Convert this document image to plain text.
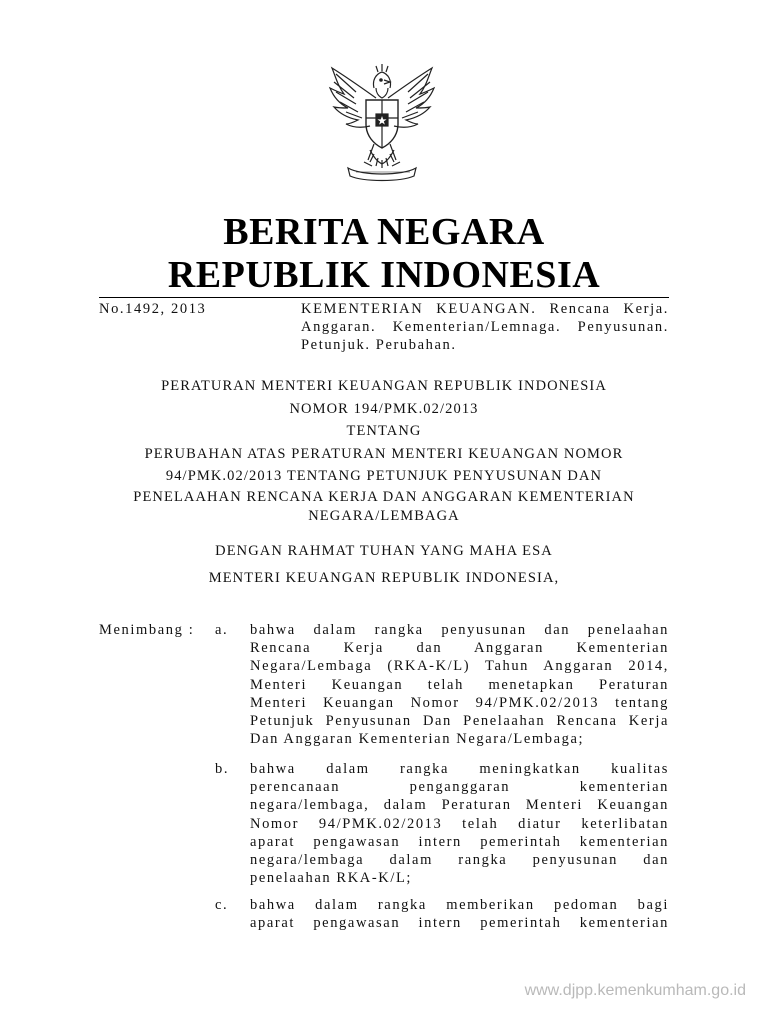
BERITA NEGARA
REPUBLIK INDONESIA
No.1492, 2013	KEMENTERIAN KEUANGAN. Rencana Kerja.
Anggaran. Kementerian/Lemnaga. Penyusunan.
Petunjuk. Perubahan.
PERATURAN MENTERI KEUANGAN REPUBLIK INDONESIA
NOMOR 194/PMK.02/2013
TENTANG
PERUBAHAN ATAS PERATURAN MENTERI KEUANGAN NOMOR
94/PMK.02/2013 TENTANG PETUNJUK PENYUSUNAN DAN
PENELAAHAN RENCANA KERJA DAN ANGGARAN KEMENTERIAN
NEGARA/LEMBAGA
DENGAN RAHMAT TUHAN YANG MAHA ESA
MENTERI KEUANGAN REPUBLIK INDONESIA,
Menimbang : a. bahwa dalam rangka penyusunan dan penelaahan
Rencana Kerja dan Anggaran Kementerian
Negara/Lembaga (RKA-K/L) Tahun Anggaran 2014,
Menteri Keuangan telah menetapkan Peraturan
Menteri Keuangan Nomor 94/PMK.02/2013 tentang
Petunjuk Penyusunan Dan Penelaahan Rencana Kerja
Dan Anggaran Kementerian Negara/Lembaga;
b. bahwa dalam rangka meningkatkan kualitas
perencanaan penganggaran kementerian
negara/lembaga, dalam Peraturan Menteri Keuangan
Nomor 94/PMK.02/2013 telah diatur keterlibatan
aparat pengawasan intern pemerintah kementerian
negara/lembaga dalam rangka penyusunan dan
penelaahan RKA-K/L;
c. bahwa dalam rangka memberikan pedoman bagi
aparat pengawasan intern pemerintah kementerian
www.djpp.kemenkumham.go.id
